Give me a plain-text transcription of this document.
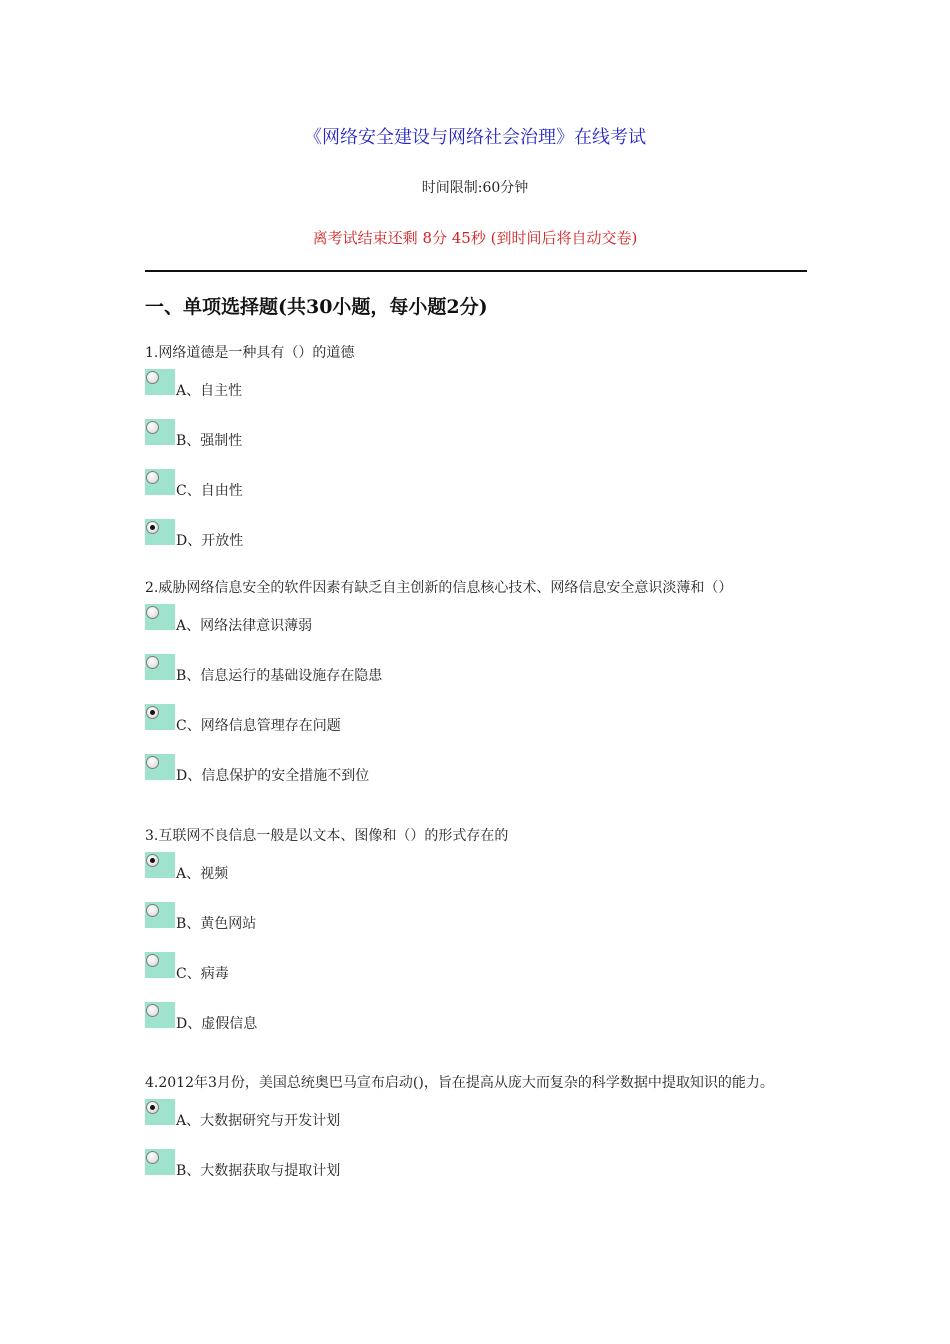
《网络安全建设与网络社会治理》在线考试
时间限制:60分钟
离考试结束还剩 8分 45秒 (到时间后将自动交卷)
一、单项选择题(共30小题，每小题2分)
1.网络道德是一种具有（）的道德
A、自主性
B、强制性
C、自由性
D、开放性
2.威胁网络信息安全的软件因素有缺乏自主创新的信息核心技术、网络信息安全意识淡薄和（）
A、网络法律意识薄弱
B、信息运行的基础设施存在隐患
C、网络信息管理存在问题
D、信息保护的安全措施不到位
3.互联网不良信息一般是以文本、图像和（）的形式存在的
A、视频
B、黄色网站
C、病毒
D、虚假信息
4.2012年3月份，美国总统奥巴马宣布启动()，旨在提高从庞大而复杂的科学数据中提取知识的能力。
A、大数据研究与开发计划
B、大数据获取与提取计划
